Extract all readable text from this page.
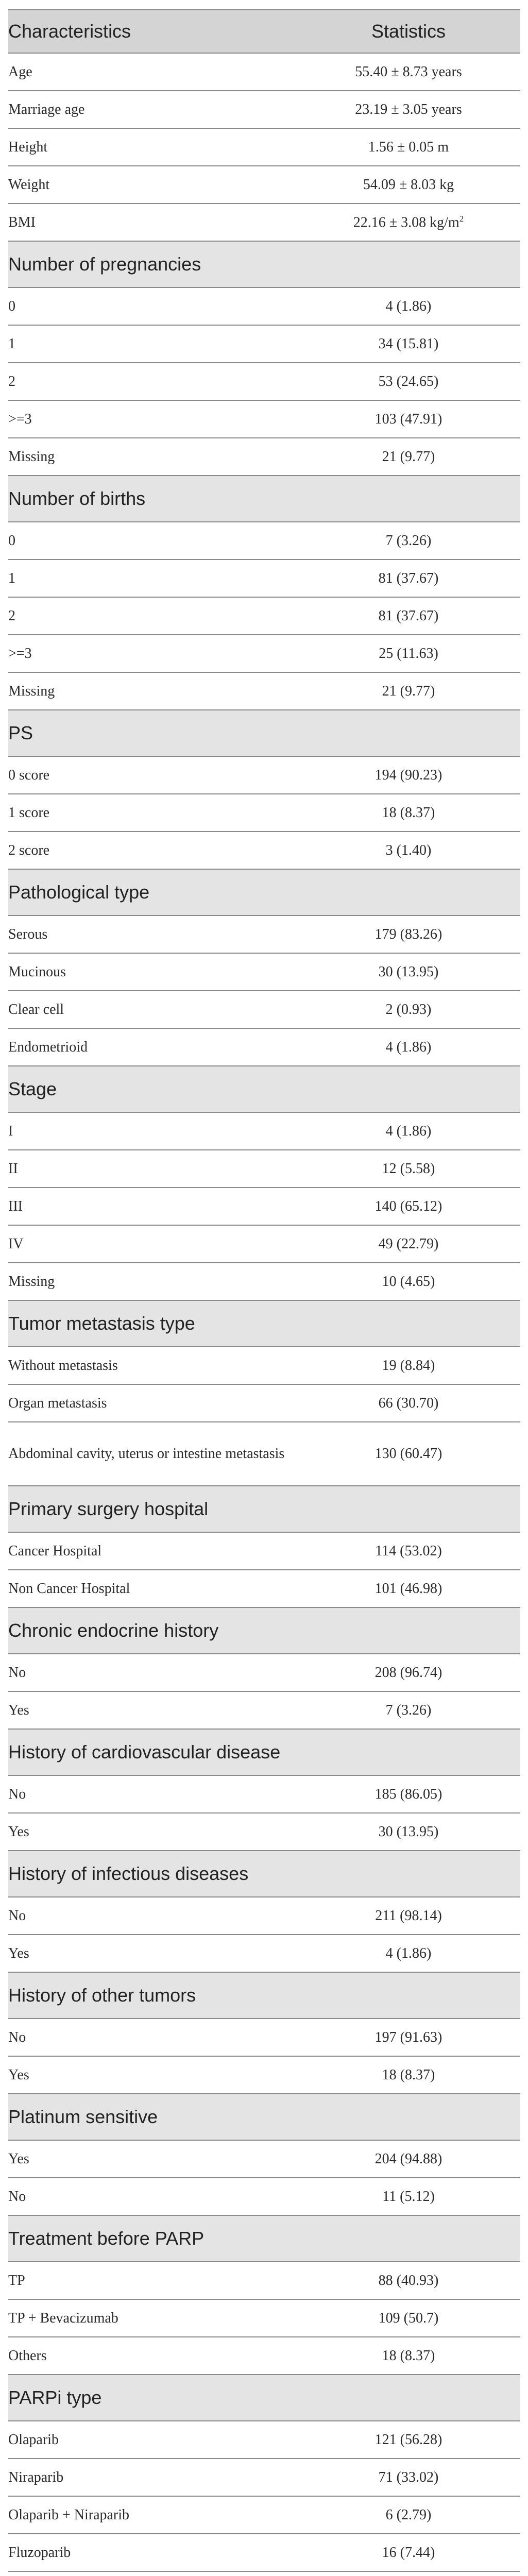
Characteristics	Statistics
Age	55.40 ± 8.73 years
Marriage age	23.19 ± 3.05 years
Height	1.56 ± 0.05 m
Weight	54.09 ± 8.03 kg
BMI	22.16 ± 3.08 $kg/m^2$
Number of pregnancies	
0	4 (1.86)
1	34 (15.81)
2	53 (24.65)
>=3	103 (47.91)
Missing	21 (9.77)
Number of births	
0	7 (3.26)
1	81 (37.67)
2	81 (37.67)
>=3	25 (11.63)
Missing	21 (9.77)
PS	
0 score	194 (90.23)
1 score	18 (8.37)
2 score	3 (1.40)
Pathological type	
Serous	179 (83.26)
Mucinous	30 (13.95)
Clear cell	2 (0.93)
Endometrioid	4 (1.86)
Stage	
I	4 (1.86)
II	12 (5.58)
III	140 (65.12)
IV	49 (22.79)
Missing	10 (4.65)
Tumor metastasis type	
Without metastasis	19 (8.84)
Organ metastasis	66 (30.70)
Abdominal cavity, uterus or intestine metastasis	130 (60.47)
Primary surgery hospital	
Cancer Hospital	114 (53.02)
Non Cancer Hospital	101 (46.98)
Chronic endocrine history	
No	208 (96.74)
Yes	7 (3.26)
History of cardiovascular disease	
No	185 (86.05)
Yes	30 (13.95)
History of infectious diseases	
No	211 (98.14)
Yes	4 (1.86)
History of other tumors	
No	197 (91.63)
Yes	18 (8.37)
Platinum sensitive	
Yes	204 (94.88)
No	11 (5.12)
Treatment before PARP	
TP	88 (40.93)
TP + Bevacizumab	109 (50.7)
Others	18 (8.37)
PARPi type	
Olaparib	121 (56.28)
Niraparib	71 (33.02)
Olaparib + Niraparib	6 (2.79)
Fluzoparib	16 (7.44)
